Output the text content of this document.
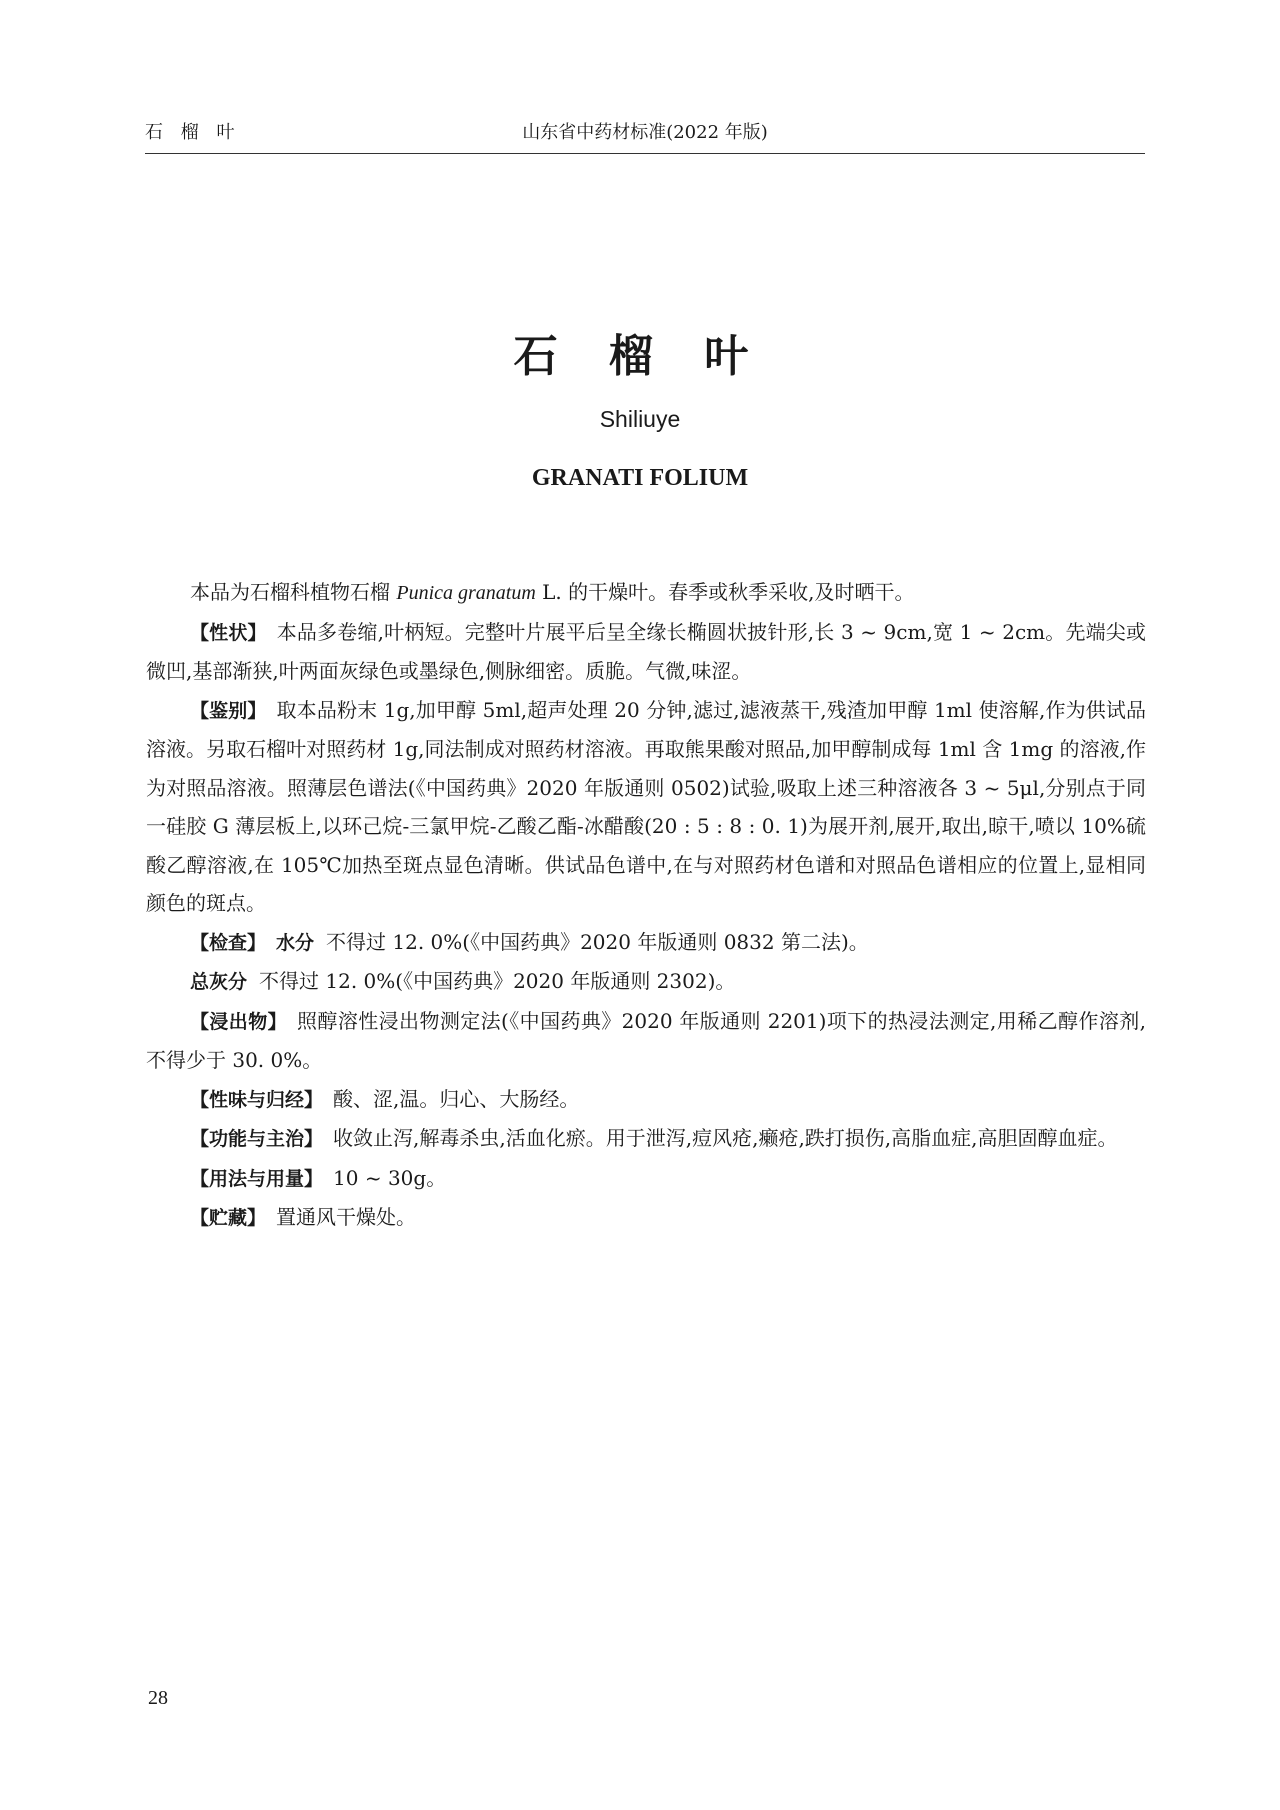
石 榴 叶	山东省中药材标准(2022 年版)
石 榴 叶
Shiliuye
GRANATI FOLIUM

本品为石榴科植物石榴 Punica granatum L. 的干燥叶。春季或秋季采收,及时晒干。

【性状】 本品多卷缩,叶柄短。完整叶片展平后呈全缘长椭圆状披针形,长 3 ~ 9cm,宽 1 ~ 2cm。先端尖或微凹,基部渐狭,叶两面灰绿色或墨绿色,侧脉细密。质脆。气微,味涩。

【鉴别】 取本品粉末 1g,加甲醇 5ml,超声处理 20 分钟,滤过,滤液蒸干,残渣加甲醇 1ml 使溶解,作为供试品溶液。另取石榴叶对照药材 1g,同法制成对照药材溶液。再取熊果酸对照品,加甲醇制成每 1ml 含 1mg 的溶液,作为对照品溶液。照薄层色谱法(《中国药典》2020 年版通则 0502)试验,吸取上述三种溶液各 3 ~ 5μl,分别点于同一硅胶 G 薄层板上,以环己烷-三氯甲烷-乙酸乙酯-冰醋酸(20 : 5 : 8 : 0. 1)为展开剂,展开,取出,晾干,喷以 10%硫酸乙醇溶液,在 105℃加热至斑点显色清晰。供试品色谱中,在与对照药材色谱和对照品色谱相应的位置上,显相同颜色的斑点。

【检查】 水分 不得过 12. 0%(《中国药典》2020 年版通则 0832 第二法)。

总灰分 不得过 12. 0%(《中国药典》2020 年版通则 2302)。

【浸出物】 照醇溶性浸出物测定法(《中国药典》2020 年版通则 2201)项下的热浸法测定,用稀乙醇作溶剂,不得少于 30. 0%。

【性味与归经】 酸、涩,温。归心、大肠经。

【功能与主治】 收敛止泻,解毒杀虫,活血化瘀。用于泄泻,痘风疮,癞疮,跌打损伤,高脂血症,高胆固醇血症。

【用法与用量】 10 ~ 30g。

【贮藏】 置通风干燥处。

28
